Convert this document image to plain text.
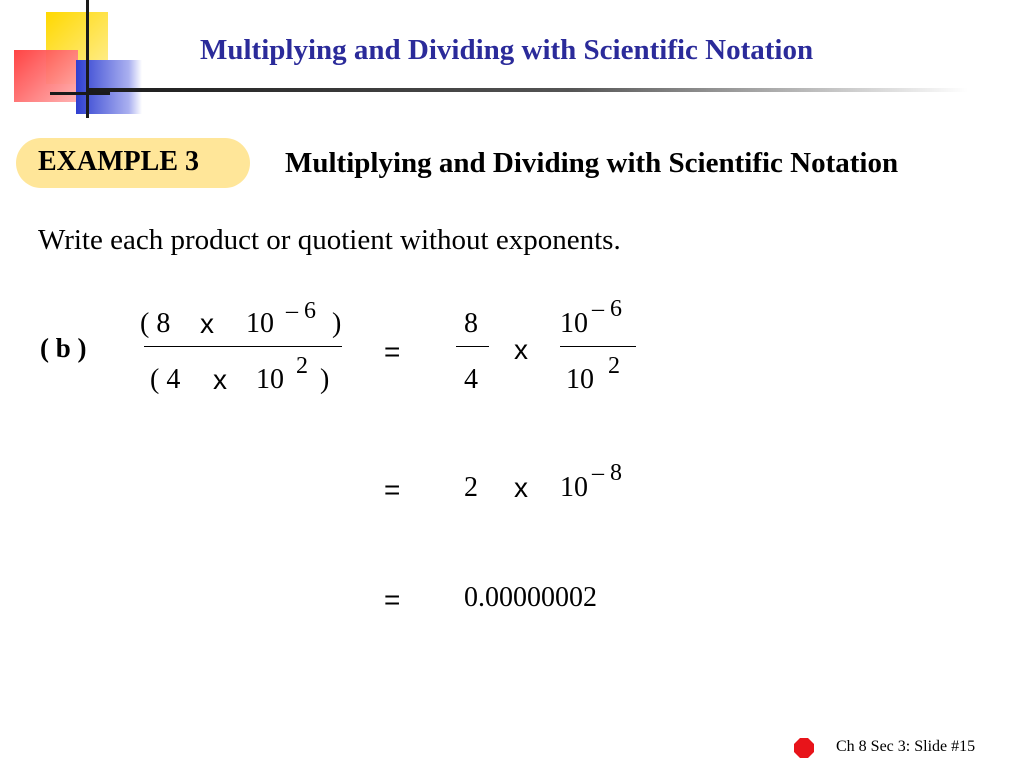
Multiplying and Dividing with Scientific Notation
EXAMPLE 3	Multiplying and Dividing with Scientific Notation
Write each product or quotient without exponents.
( b )
( 8 x 10 – 6 )
( 4 x 10 2 )
=
8
4
x
10 – 6
10 2
= 2 x 10 – 8
= 0.00000002
Ch 8 Sec 3: Slide #15
